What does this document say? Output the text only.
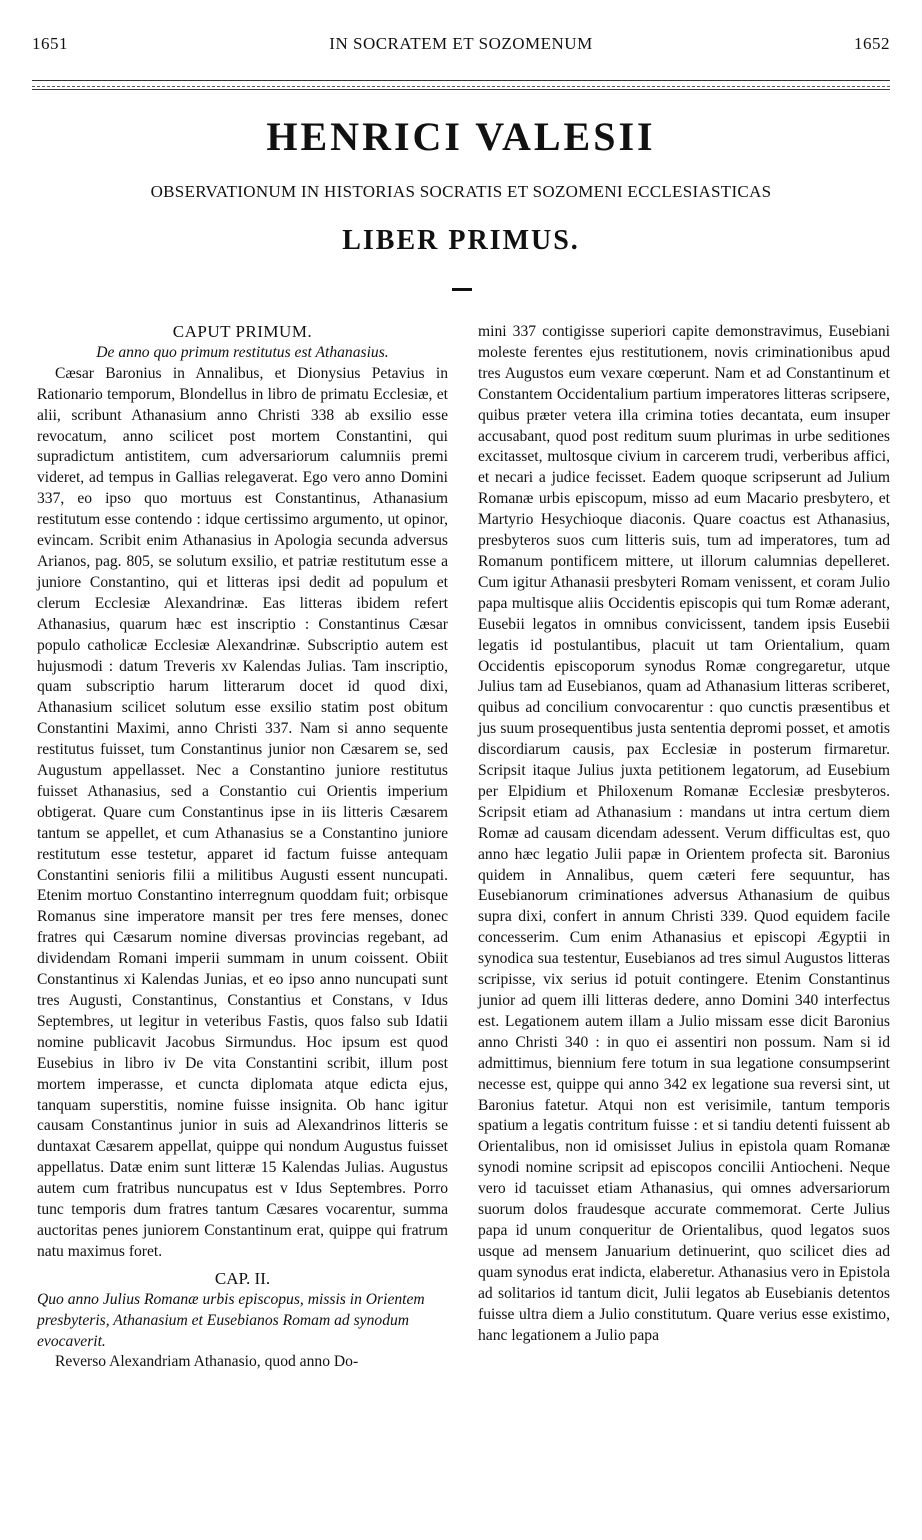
1651	IN SOCRATEM ET SOZOMENUM	1652
HENRICI VALESII
OBSERVATIONUM IN HISTORIAS SOCRATIS ET SOZOMENI ECCLESIASTICAS
LIBER PRIMUS.
CAPUT PRIMUM.
De anno quo primum restitutus est Athanasius.

Cæsar Baronius in Annalibus, et Dionysius Petavius in Rationario temporum, Blondellus in libro de primatu Ecclesiæ, et alii, scribunt Athanasium anno Christi 338 ab exsilio esse revocatum, anno scilicet post mortem Constantini, qui supradictum antistitem, cum adversariorum calumniis premi videret, ad tempus in Gallias relegaverat. Ego vero anno Domini 337, eo ipso quo mortuus est Constantinus, Athanasium restitutum esse contendo : idque certissimo argumento, ut opinor, evincam. Scribit enim Athanasius in Apologia secunda adversus Arianos, pag. 805, se solutum exsilio, et patriæ restitutum esse a juniore Constantino, qui et litteras ipsi dedit ad populum et clerum Ecclesiæ Alexandrinæ. Eas litteras ibidem refert Athanasius, quarum hæc est inscriptio : Constantinus Cæsar populo catholicæ Ecclesiæ Alexandrinæ. Subscriptio autem est hujusmodi : datum Treveris xv Kalendas Julias. Tam inscriptio, quam subscriptio harum litterarum docet id quod dixi, Athanasium scilicet solutum esse exsilio statim post obitum Constantini Maximi, anno Christi 337. Nam si anno sequente restitutus fuisset, tum Constantinus junior non Cæsarem se, sed Augustum appellasset. Nec a Constantino juniore restitutus fuisset Athanasius, sed a Constantio cui Orientis imperium obtigerat. Quare cum Constantinus ipse in iis litteris Cæsarem tantum se appellet, et cum Athanasius se a Constantino juniore restitutum esse testetur, apparet id factum fuisse antequam Constantini senioris filii a militibus Augusti essent nuncupati. Etenim mortuo Constantino interregnum quoddam fuit; orbisque Romanus sine imperatore mansit per tres fere menses, donec fratres qui Cæsarum nomine diversas provincias regebant, ad dividendam Romani imperii summam in unum coissent. Obiit Constantinus xi Kalendas Junias, et eo ipso anno nuncupati sunt tres Augusti, Constantinus, Constantius et Constans, v Idus Septembres, ut legitur in veteribus Fastis, quos falso sub Idatii nomine publicavit Jacobus Sirmundus. Hoc ipsum est quod Eusebius in libro iv De vita Constantini scribit, illum post mortem imperasse, et cuncta diplomata atque edicta ejus, tanquam superstitis, nomine fuisse insignita. Ob hanc igitur causam Constantinus junior in suis ad Alexandrinos litteris se duntaxat Cæsarem appellat, quippe qui nondum Augustus fuisset appellatus. Datæ enim sunt litteræ 15 Kalendas Julias. Augustus autem cum fratribus nuncupatus est v Idus Septembres. Porro tunc temporis dum fratres tantum Cæsares vocarentur, summa auctoritas penes juniorem Constantinum erat, quippe qui fratrum natu maximus foret.

CAP. II.
Quo anno Julius Romanæ urbis episcopus, missis in Orientem presbyteris, Athanasium et Eusebianos Romam ad synodum evocaverit.

Reverso Alexandriam Athanasio, quod anno Do-

mini 337 contigisse superiori capite demonstravimus, Eusebiani moleste ferentes ejus restitutionem, novis criminationibus apud tres Augustos eum vexare cœperunt. Nam et ad Constantinum et Constantem Occidentalium partium imperatores litteras scripsere, quibus præter vetera illa crimina toties decantata, eum insuper accusabant, quod post reditum suum plurimas in urbe seditiones excitasset, multosque civium in carcerem trudi, verberibus affici, et necari a judice fecisset. Eadem quoque scripserunt ad Julium Romanæ urbis episcopum, misso ad eum Macario presbytero, et Martyrio Hesychioque diaconis. Quare coactus est Athanasius, presbyteros suos cum litteris suis, tum ad imperatores, tum ad Romanum pontificem mittere, ut illorum calumnias depelleret. Cum igitur Athanasii presbyteri Romam venissent, et coram Julio papa multisque aliis Occidentis episcopis qui tum Romæ aderant, Eusebii legatos in omnibus convicissent, tandem ipsis Eusebii legatis id postulantibus, placuit ut tam Orientalium, quam Occidentis episcoporum synodus Romæ congregaretur, utque Julius tam ad Eusebianos, quam ad Athanasium litteras scriberet, quibus ad concilium convocarentur : quo cunctis præsentibus et jus suum prosequentibus justa sententia depromi posset, et amotis discordiarum causis, pax Ecclesiæ in posterum firmaretur. Scripsit itaque Julius juxta petitionem legatorum, ad Eusebium per Elpidium et Philoxenum Romanæ Ecclesiæ presbyteros. Scripsit etiam ad Athanasium : mandans ut intra certum diem Romæ ad causam dicendam adessent. Verum difficultas est, quo anno hæc legatio Julii papæ in Orientem profecta sit. Baronius quidem in Annalibus, quem cæteri fere sequuntur, has Eusebianorum criminationes adversus Athanasium de quibus supra dixi, confert in annum Christi 339. Quod equidem facile concesserim. Cum enim Athanasius et episcopi Ægyptii in synodica sua testentur, Eusebianos ad tres simul Augustos litteras scripisse, vix serius id potuit contingere. Etenim Constantinus junior ad quem illi litteras dedere, anno Domini 340 interfectus est. Legationem autem illam a Julio missam esse dicit Baronius anno Christi 340 : in quo ei assentiri non possum. Nam si id admittimus, biennium fere totum in sua legatione consumpserint necesse est, quippe qui anno 342 ex legatione sua reversi sint, ut Baronius fatetur. Atqui non est verisimile, tantum temporis spatium a legatis contritum fuisse : et si tandiu detenti fuissent ab Orientalibus, non id omisisset Julius in epistola quam Romanæ synodi nomine scripsit ad episcopos concilii Antiocheni. Neque vero id tacuisset etiam Athanasius, qui omnes adversariorum suorum dolos fraudesque accurate commemorat. Certe Julius papa id unum conqueritur de Orientalibus, quod legatos suos usque ad mensem Januarium detinuerint, quo scilicet dies ad quam synodus erat indicta, elaberetur. Athanasius vero in Epistola ad solitarios id tantum dicit, Julii legatos ab Eusebianis detentos fuisse ultra diem a Julio constitutum. Quare verius esse existimo, hanc legationem a Julio papa
